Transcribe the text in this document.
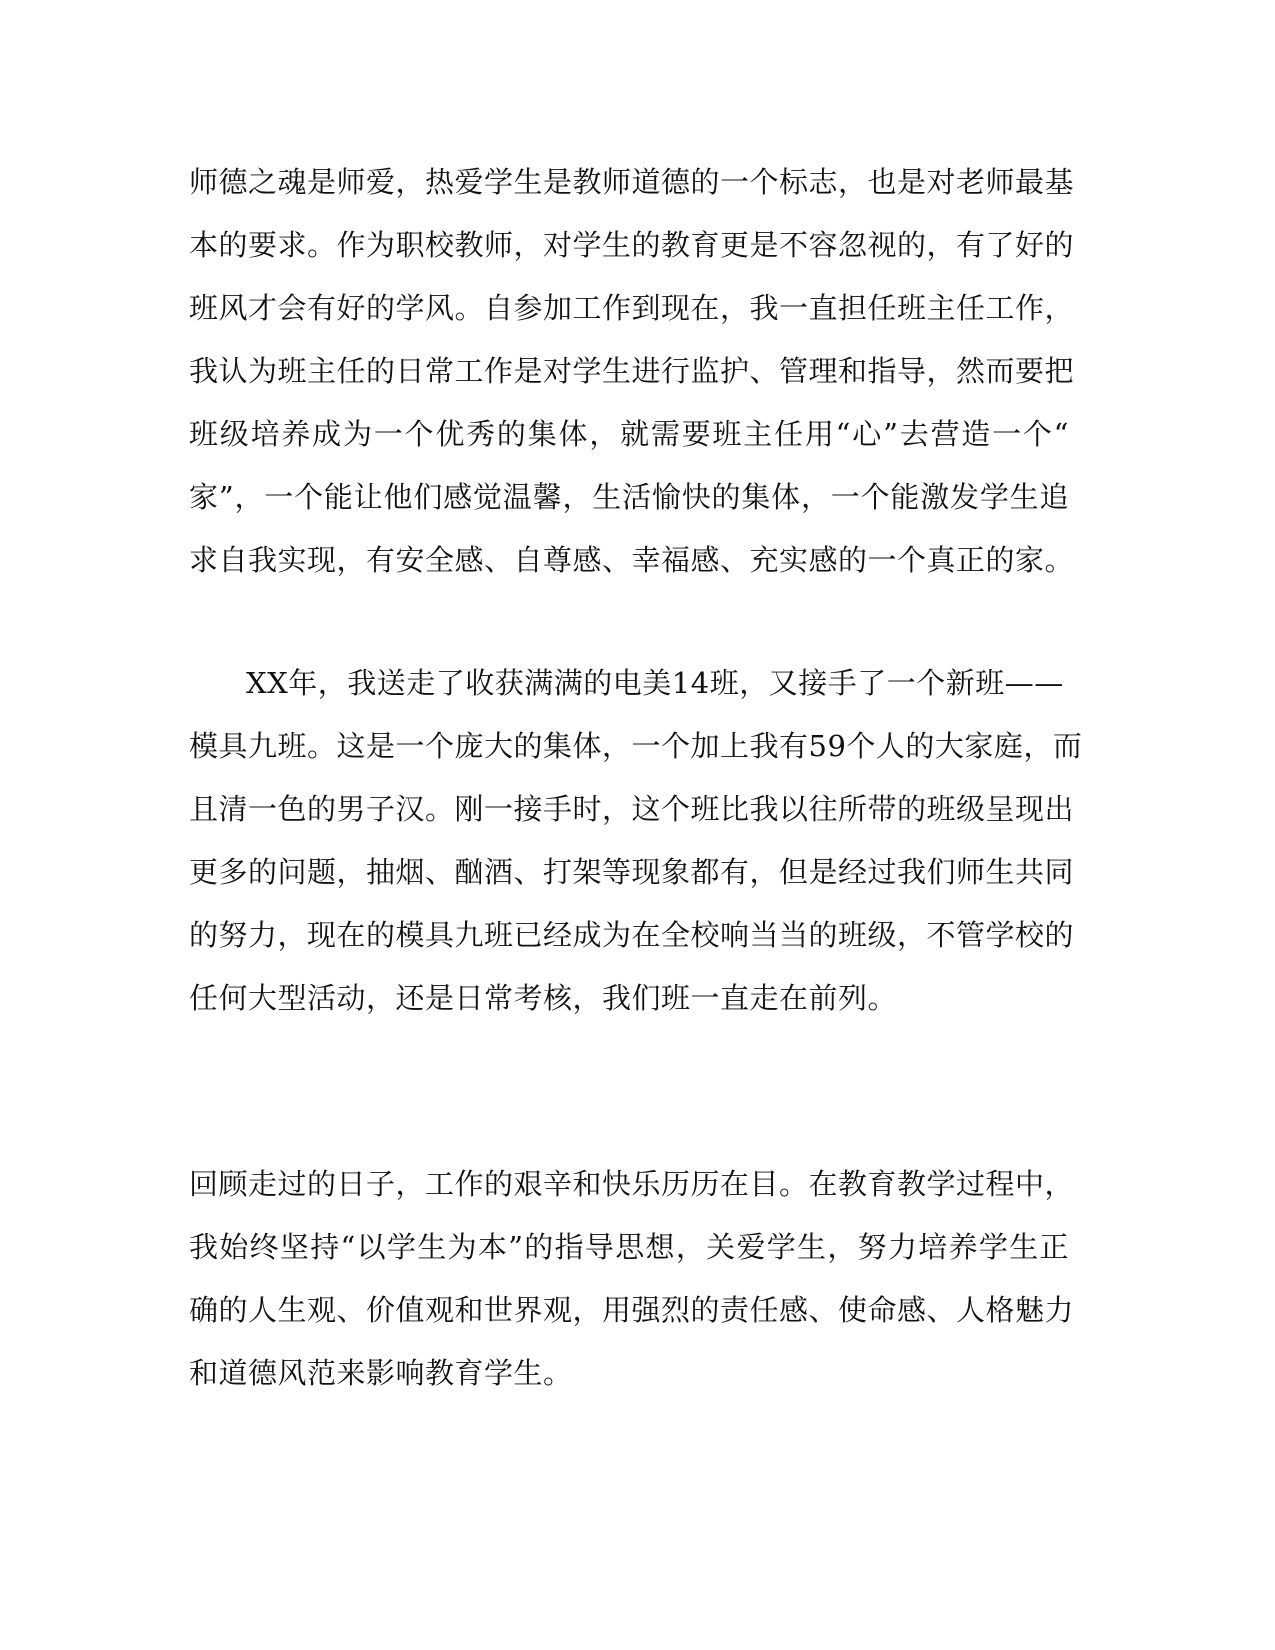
师德之魂是师爱，热爱学生是教师道德的一个标志，也是对老师最基
本的要求。作为职校教师，对学生的教育更是不容忽视的，有了好的
班风才会有好的学风。自参加工作到现在，我一直担任班主任工作，
我认为班主任的日常工作是对学生进行监护、管理和指导，然而要把
班级培养成为一个优秀的集体，就需要班主任用“心”去营造一个“
家”，一个能让他们感觉温馨，生活愉快的集体，一个能激发学生追
求自我实现，有安全感、自尊感、幸福感、充实感的一个真正的家。
XX年，我送走了收获满满的电美14班，又接手了一个新班——
模具九班。这是一个庞大的集体，一个加上我有59个人的大家庭，而
且清一色的男子汉。刚一接手时，这个班比我以往所带的班级呈现出
更多的问题，抽烟、酗酒、打架等现象都有，但是经过我们师生共同
的努力，现在的模具九班已经成为在全校响当当的班级，不管学校的
任何大型活动，还是日常考核，我们班一直走在前列。
回顾走过的日子，工作的艰辛和快乐历历在目。在教育教学过程中，
我始终坚持“以学生为本”的指导思想，关爱学生，努力培养学生正
确的人生观、价值观和世界观，用强烈的责任感、使命感、人格魅力
和道德风范来影响教育学生。
